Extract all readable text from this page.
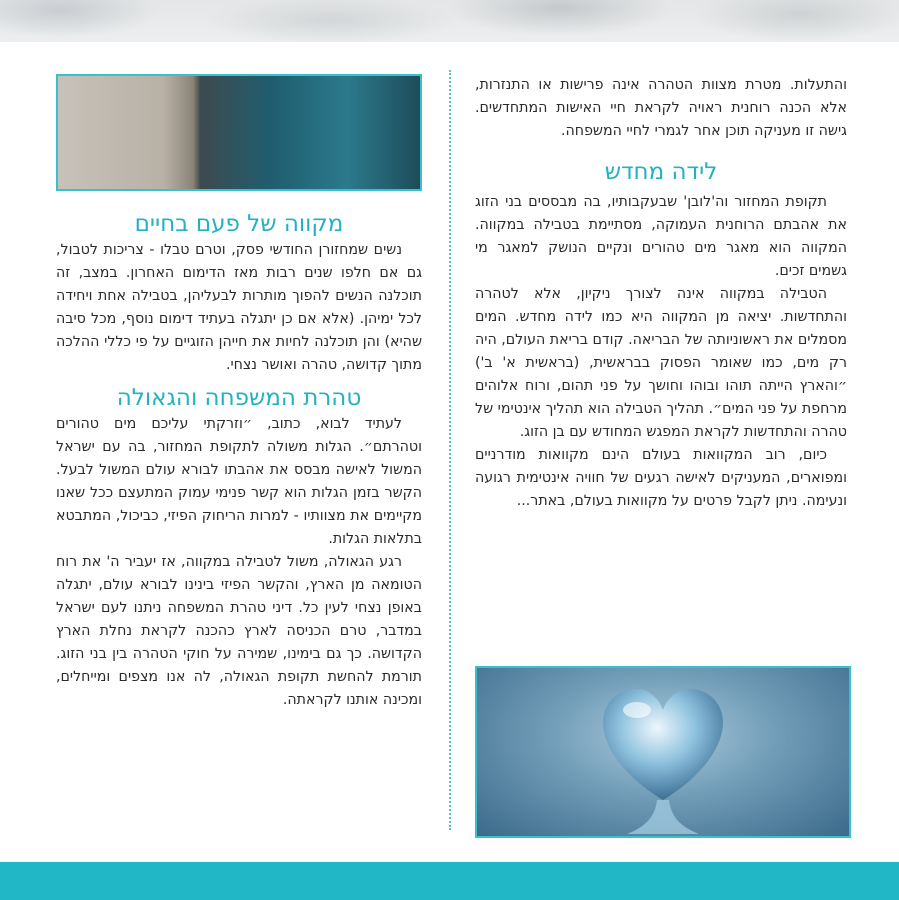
והתעלות. מטרת מצוות הטהרה אינה פרישות או התנזרות, אלא הכנה רוחנית ראויה לקראת חיי האישות המתחדשים. גישה זו מעניקה תוכן אחר לגמרי לחיי המשפחה.

לידה מחדש

תקופת המחזור וה'לובן' שבעקבותיו, בה מבססים בני הזוג את אהבתם הרוחנית העמוקה, מסתיימת בטבילה במקווה. המקווה הוא מאגר מים טהורים ונקיים הנושק למאגר מי גשמים זכים.

הטבילה במקווה אינה לצורך ניקיון, אלא לטהרה והתחדשות. יציאה מן המקווה היא כמו לידה מחדש. המים מסמלים את ראשוניותה של הבריאה. קודם בריאת העולם, היה רק מים, כמו שאומר הפסוק בבראשית, (בראשית א' ב') ״והארץ הייתה תוהו ובוהו וחושך על פני תהום, ורוח אלוהים מרחפת על פני המים״. תהליך הטבילה הוא תהליך אינטימי של טהרה והתחדשות לקראת המפגש המחודש עם בן הזוג.

כיום, רוב המקוואות בעולם הינם מקוואות מודרניים ומפוארים, המעניקים לאישה רגעים של חוויה אינטימית רגועה ונעימה. ניתן לקבל פרטים על מקוואות בעולם, באתר...

מקווה של פעם בחיים

נשים שמחזורן החודשי פסק, וטרם טבלו - צריכות לטבול, גם אם חלפו שנים רבות מאז הדימום האחרון. במצב, זה תוכלנה הנשים להפוך מותרות לבעליהן, בטבילה אחת ויחידה לכל ימיהן. (אלא אם כן יתגלה בעתיד דימום נוסף, מכל סיבה שהיא) והן תוכלנה לחיות את חייהן הזוגיים על פי כללי ההלכה מתוך קדושה, טהרה ואושר נצחי.

טהרת המשפחה והגאולה

לעתיד לבוא, כתוב, ״וזרקתי עליכם מים טהורים וטהרתם״. הגלות משולה לתקופת המחזור, בה עם ישראל המשול לאישה מבסס את אהבתו לבורא עולם המשול לבעל. הקשר בזמן הגלות הוא קשר פנימי עמוק המתעצם ככל שאנו מקיימים את מצוותיו - למרות הריחוק הפיזי, כביכול, המתבטא בתלאות הגלות.

רגע הגאולה, משול לטבילה במקווה, אז יעביר ה' את רוח הטומאה מן הארץ, והקשר הפיזי בינינו לבורא עולם, יתגלה באופן נצחי לעין כל. דיני טהרת המשפחה ניתנו לעם ישראל במדבר, טרם הכניסה לארץ כהכנה לקראת נחלת הארץ הקדושה. כך גם בימינו, שמירה על חוקי הטהרה בין בני הזוג. תורמת להחשת תקופת הגאולה, לה אנו מצפים ומייחלים, ומכינה אותנו לקראתה.
